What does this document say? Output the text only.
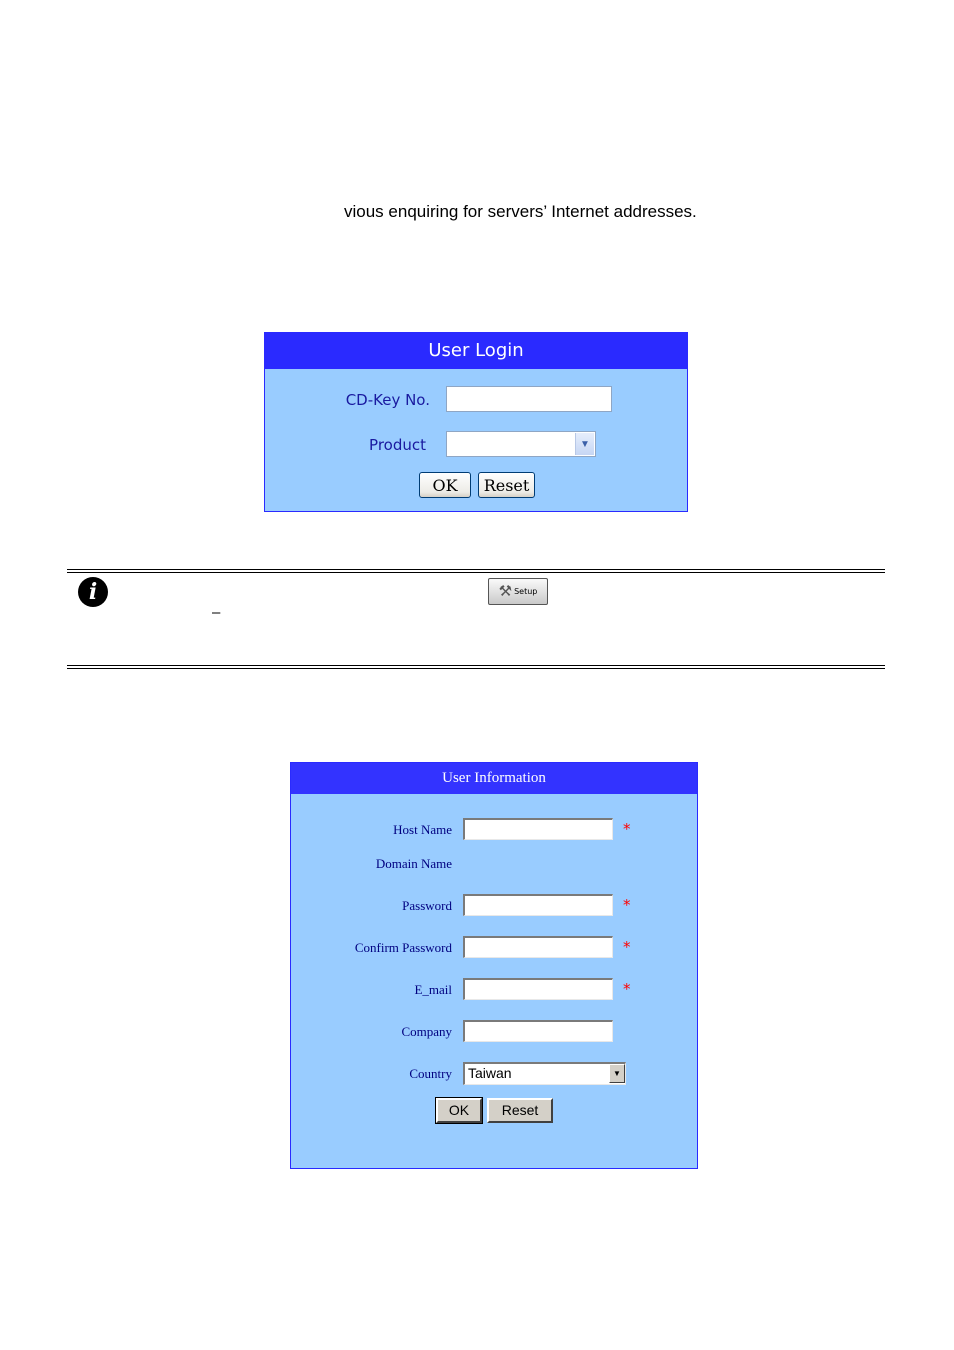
vious enquiring for servers’ Internet addresses.
User Login
CD-Key No.
Product	▼
OK	Reset
i	⚒ Setup
–
User Information
Host Name	*
Domain Name
Password	*
Confirm Password	*
E_mail	*
Company
Country	Taiwan	▼
OK	Reset
